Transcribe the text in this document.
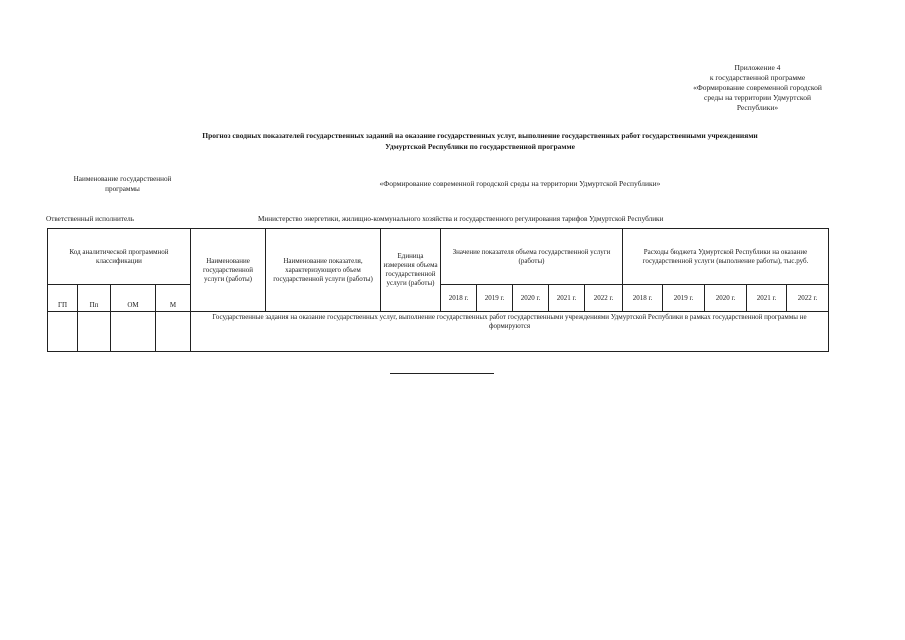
Приложение 4
к государственной программе
«Формирование современной городской
среды на территории Удмуртской
Республики»
Прогноз сводных показателей государственных заданий на оказание государственных услуг, выполнение государственных работ государственными учреждениями
Удмуртской Республики по государственной программе
Наименование государственной
программы
«Формирование современной городской среды на территории Удмуртской Республики»
Ответственный исполнитель	Министерство энергетики, жилищно-коммунального хозяйства и государственного регулирования тарифов Удмуртской Республики
Код аналитической программной классификации				Наименование государственной услуги (работы)	Наименование показателя, характеризующего объем государственной услуги (работы)	Единица измерения объема государственной услуги (работы)	Значение показателя объема государственной услуги (работы)					Расходы бюджета Удмуртской Республики на оказание государственной услуги (выполнение работы), тыс.руб.				
ГП	Пп	ОМ	М				2018 г.	2019 г.	2020 г.	2021 г.	2022 г.	2018 г.	2019 г.	2020 г.	2021 г.	2022 г.
				Государственные задания на оказание государственных услуг, выполнение государственных работ государственными учреждениями Удмуртской Республики в рамках государственной программы не формируются												
